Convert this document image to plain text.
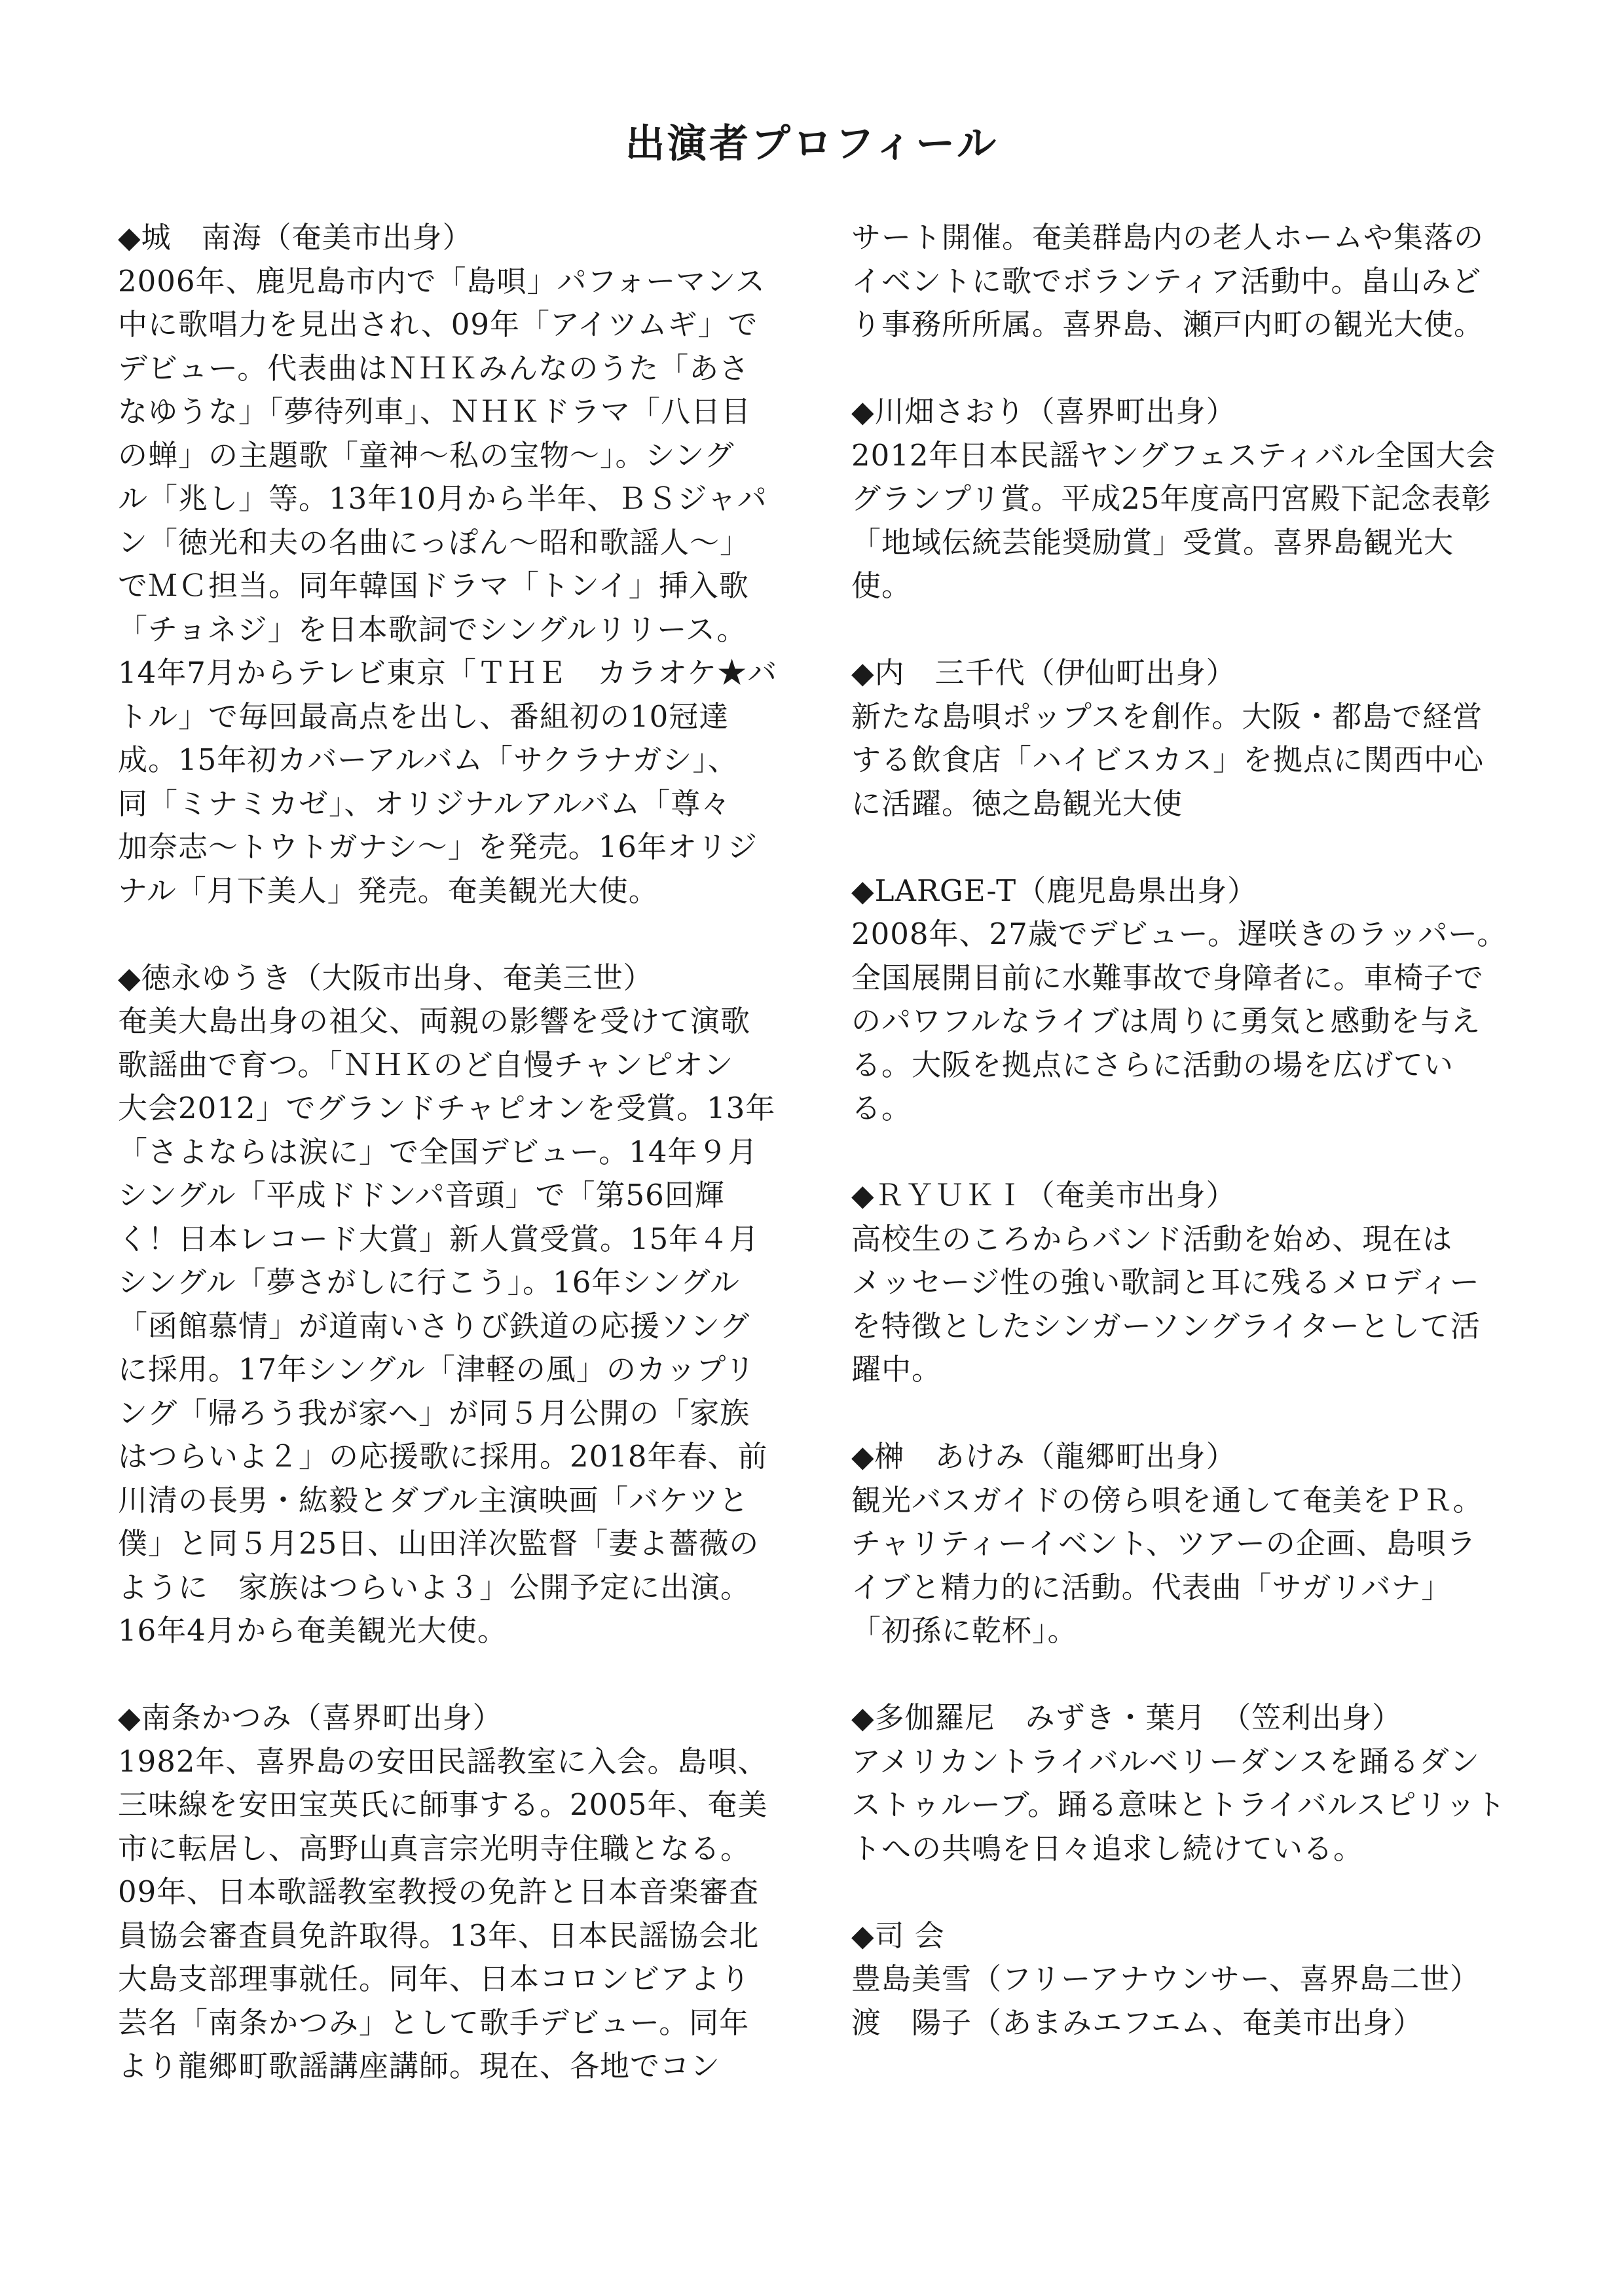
出演者プロフィール
◆城　南海（奄美市出身）
2006年、鹿児島市内で「島唄」パフォーマンス
中に歌唱力を見出され、09年「アイツムギ」で
デビュー。代表曲はＮＨＫみんなのうた「あさ
なゆうな」「夢待列車」、ＮＨＫドラマ「八日目
の蝉」の主題歌「童神〜私の宝物〜」。シング
ル「兆し」等。13年10月から半年、ＢＳジャパ
ン「徳光和夫の名曲にっぽん〜昭和歌謡人〜」
でＭＣ担当。同年韓国ドラマ「トンイ」挿入歌
「チョネジ」を日本歌詞でシングルリリース。
14年7月からテレビ東京「ＴＨＥ　カラオケ★バ
トル」で毎回最高点を出し、番組初の10冠達
成。15年初カバーアルバム「サクラナガシ」、
同「ミナミカゼ」、オリジナルアルバム「尊々
加奈志〜トウトガナシ〜」を発売。16年オリジ
ナル「月下美人」発売。奄美観光大使。
◆徳永ゆうき（大阪市出身、奄美三世）
奄美大島出身の祖父、両親の影響を受けて演歌
歌謡曲で育つ。「ＮＨＫのど自慢チャンピオン
大会2012」でグランドチャピオンを受賞。13年
「さよならは涙に」で全国デビュー。14年９月
シングル「平成ドドンパ音頭」で「第56回輝
く！日本レコード大賞」新人賞受賞。15年４月
シングル「夢さがしに行こう」。16年シングル
「函館慕情」が道南いさりび鉄道の応援ソング
に採用。17年シングル「津軽の風」のカップリ
ング「帰ろう我が家へ」が同５月公開の「家族
はつらいよ２」の応援歌に採用。2018年春、前
川清の長男・紘毅とダブル主演映画「バケツと
僕」と同５月25日、山田洋次監督「妻よ薔薇の
ように　家族はつらいよ３」公開予定に出演。
16年4月から奄美観光大使。
◆南条かつみ（喜界町出身）
1982年、喜界島の安田民謡教室に入会。島唄、
三味線を安田宝英氏に師事する。2005年、奄美
市に転居し、高野山真言宗光明寺住職となる。
09年、日本歌謡教室教授の免許と日本音楽審査
員協会審査員免許取得。13年、日本民謡協会北
大島支部理事就任。同年、日本コロンビアより
芸名「南条かつみ」として歌手デビュー。同年
より龍郷町歌謡講座講師。現在、各地でコン
サート開催。奄美群島内の老人ホームや集落の
イベントに歌でボランティア活動中。畠山みど
り事務所所属。喜界島、瀬戸内町の観光大使。
◆川畑さおり（喜界町出身）
2012年日本民謡ヤングフェスティバル全国大会
グランプリ賞。平成25年度高円宮殿下記念表彰
「地域伝統芸能奨励賞」受賞。喜界島観光大
使。
◆内　三千代（伊仙町出身）
新たな島唄ポップスを創作。大阪・都島で経営
する飲食店「ハイビスカス」を拠点に関西中心
に活躍。徳之島観光大使
◆LARGE-T（鹿児島県出身）
2008年、27歳でデビュー。遅咲きのラッパー。
全国展開目前に水難事故で身障者に。車椅子で
のパワフルなライブは周りに勇気と感動を与え
る。大阪を拠点にさらに活動の場を広げてい
る。
◆ＲＹＵＫＩ（奄美市出身）
高校生のころからバンド活動を始め、現在は
メッセージ性の強い歌詞と耳に残るメロディー
を特徴としたシンガーソングライターとして活
躍中。
◆榊　あけみ（龍郷町出身）
観光バスガイドの傍ら唄を通して奄美をＰＲ。
チャリティーイベント、ツアーの企画、島唄ラ
イブと精力的に活動。代表曲「サガリバナ」
「初孫に乾杯」。
◆多伽羅尼　みずき・葉月　（笠利出身）
アメリカントライバルベリーダンスを踊るダン
ストゥルーブ。踊る意味とトライバルスピリット
トへの共鳴を日々追求し続けている。
◆司 会
豊島美雪（フリーアナウンサー、喜界島二世）
渡　陽子（あまみエフエム、奄美市出身）
